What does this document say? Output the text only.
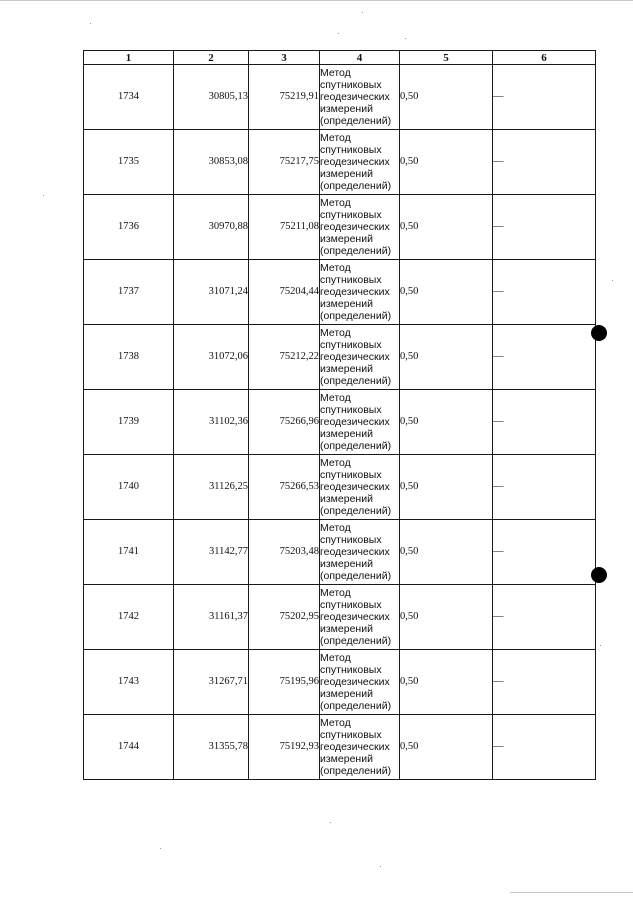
1	2	3	4	5	6
1734	30805,13	75219,91	Метод
спутниковых
геодезических
измерений
(определений)	0,50	—
1735	30853,08	75217,75	Метод
спутниковых
геодезических
измерений
(определений)	0,50	—
1736	30970,88	75211,08	Метод
спутниковых
геодезических
измерений
(определений)	0,50	—
1737	31071,24	75204,44	Метод
спутниковых
геодезических
измерений
(определений)	0,50	—
1738	31072,06	75212,22	Метод
спутниковых
геодезических
измерений
(определений)	0,50	—
1739	31102,36	75266,96	Метод
спутниковых
геодезических
измерений
(определений)	0,50	—
1740	31126,25	75266,53	Метод
спутниковых
геодезических
измерений
(определений)	0,50	—
1741	31142,77	75203,48	Метод
спутниковых
геодезических
измерений
(определений)	0,50	—
1742	31161,37	75202,95	Метод
спутниковых
геодезических
измерений
(определений)	0,50	—
1743	31267,71	75195,96	Метод
спутниковых
геодезических
измерений
(определений)	0,50	—
1744	31355,78	75192,93	Метод
спутниковых
геодезических
измерений
(определений)	0,50	—
